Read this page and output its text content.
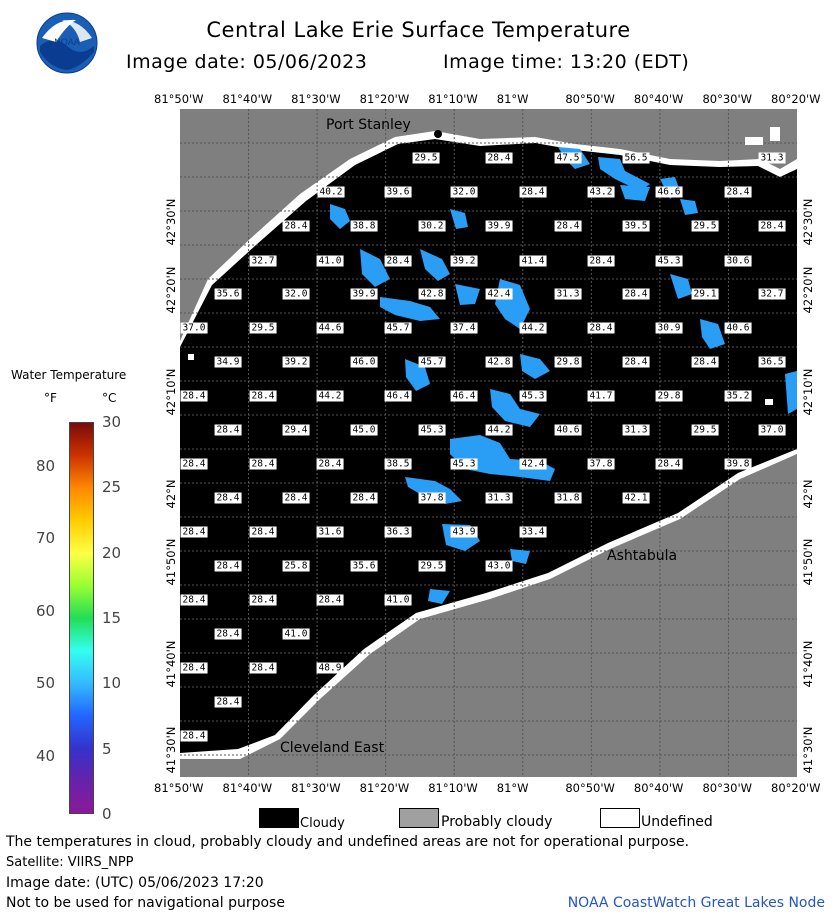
NOAA	Central Lake Erie Surface Temperature
Image date: 05/06/2023	Image time: 13:20 (EDT)
81°50'W 81°40'W 81°30'W 81°20'W 81°10'W 81°W	80°50'W 80°40'W 80°30'W 80°20'W
81°50'W 81°40'W 81°30'W 81°20'W 81°10'W 81°W	80°50'W 80°40'W 80°30'W 80°20'W
42°30'N
42°20'N
42°10'N
42°N
41°50'N
41°40'N
41°30'N
42°30'N
42°20'N
42°10'N
42°N
41°50'N
41°40'N
41°30'N
29.5	28.4	47.5	56.5	31.3
40.2	39.6	32.0	28.4	43.2	46.6	28.4
28.4	38.8	30.2	39.9	28.4	39.5	29.5	28.4
32.7	41.0	28.4	39.2	41.4	28.4	45.3	30.6
35.6	32.0	39.9	42.8	42.4	31.3	28.4	29.1	32.7
37.0	29.5	44.6	45.7	37.4	44.2	28.4	30.9	40.6
34.9	39.2	46.0	45.7	42.8	29.8	28.4	28.4	36.5
28.4	28.4	44.2	46.4	46.4	45.3	41.7	29.8	35.2
28.4	29.4	45.0	45.3	44.2	40.6	31.3	29.5	37.0
28.4	28.4	28.4	38.5	45.3	42.4	37.8	28.4	39.8
28.4	28.4	28.4	37.8	31.3	31.8	42.1
28.4	28.4	31.6	36.3	43.9	33.4
28.4	25.8	35.6	29.5	43.0
28.4	28.4	28.4	41.0
28.4	41.0
28.4	28.4	48.9
28.4
28.4
Port Stanley
Ashtabula
Cleveland East
Water Temperature
°F	°C
80
70
60
50
40
30
25
20
15
10
5
0
Cloudy	Probably cloudy	Undefined
The temperatures in cloud, probably cloudy and undefined areas are not for operational purpose.
Satellite: VIIRS_NPP
Image date: (UTC) 05/06/2023 17:20
Not to be used for navigational purpose	NOAA CoastWatch Great Lakes Node
